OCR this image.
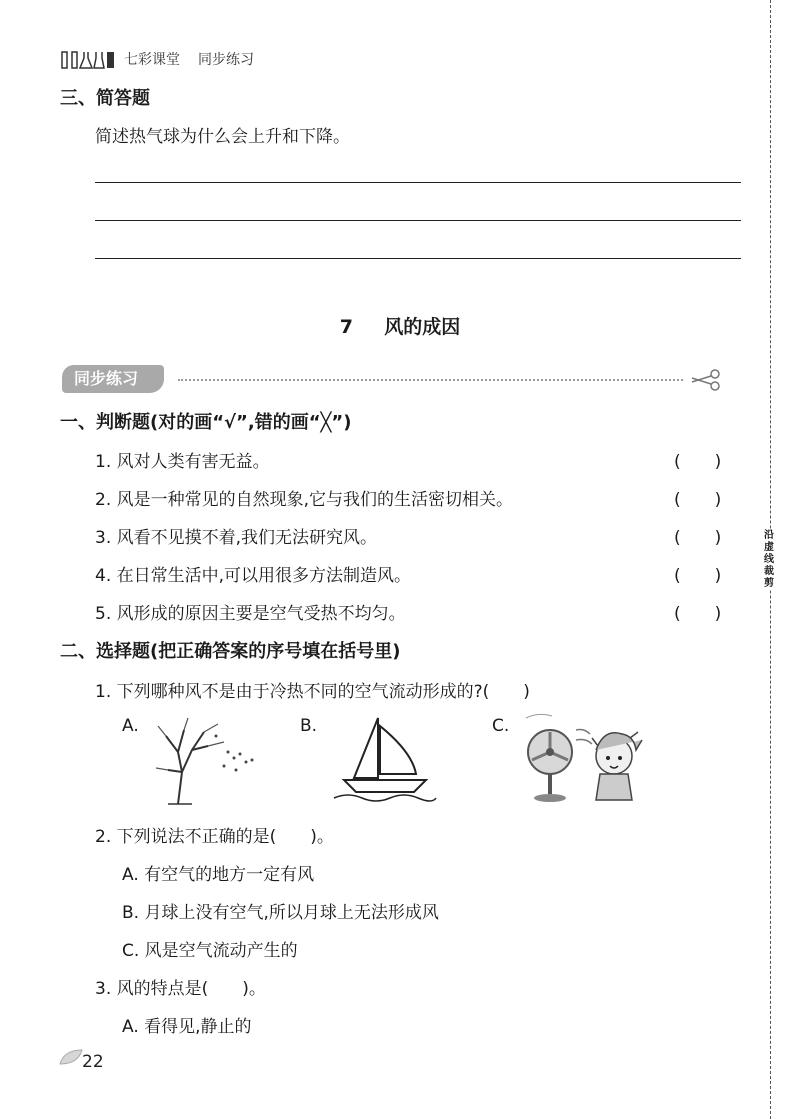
七彩课堂 同步练习
三、简答题
简述热气球为什么会上升和下降。
7 风的成因
同步练习
一、判断题(对的画“√”,错的画“╳”)
1. 风对人类有害无益。	(　　)
2. 风是一种常见的自然现象,它与我们的生活密切相关。	(　　)
3. 风看不见摸不着,我们无法研究风。	(　　)
4. 在日常生活中,可以用很多方法制造风。	(　　)
5. 风形成的原因主要是空气受热不均匀。	(　　)
二、选择题(把正确答案的序号填在括号里)
1. 下列哪种风不是由于冷热不同的空气流动形成的?(　　)
A.	B.	C.
2. 下列说法不正确的是(　　)。
A. 有空气的地方一定有风
B. 月球上没有空气,所以月球上无法形成风
C. 风是空气流动产生的
3. 风的特点是(　　)。
A. 看得见,静止的
22
沿虚线裁剪
